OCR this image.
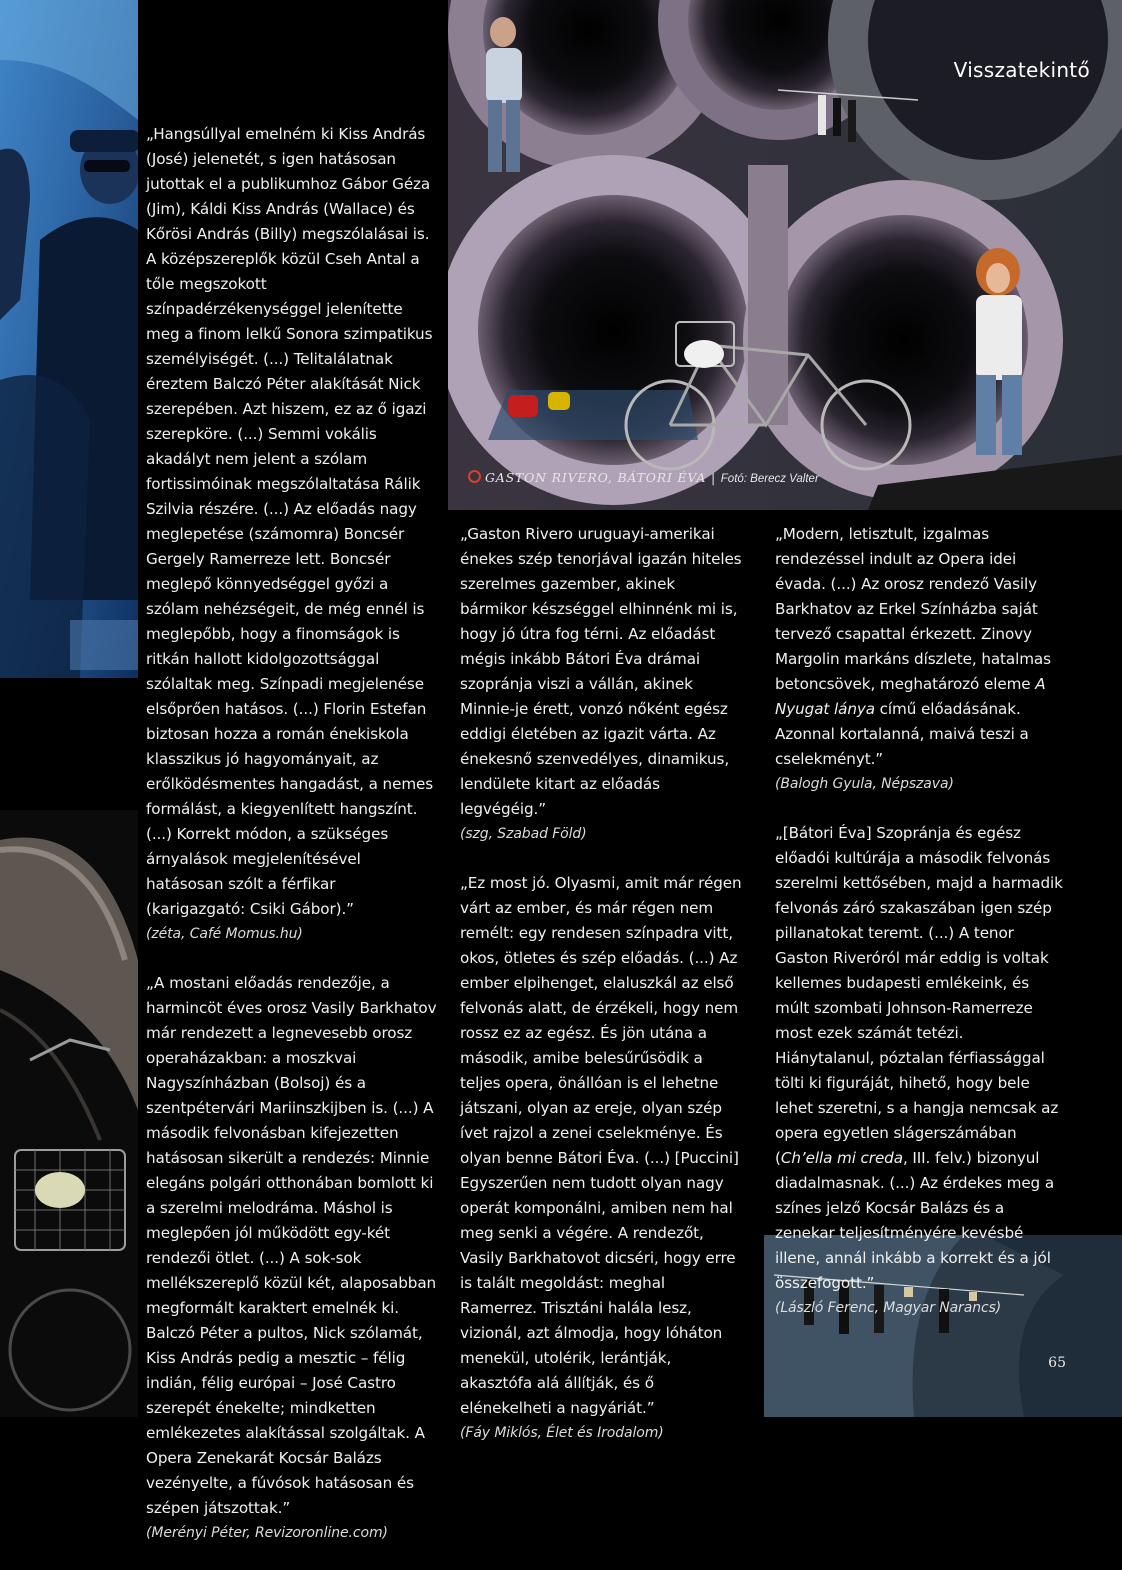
Visszatekintő
GASTON RIVERO, BÁTORI ÉVA | Fotó: Berecz Valter

„Hangsúllyal emelném ki Kiss András (José) jelenetét, s igen hatásosan jutottak el a publikumhoz Gábor Géza (Jim), Káldi Kiss András (Wallace) és Kőrösi András (Billy) megszólalásai is. A középszereplők közül Cseh Antal a tőle megszokott színpadérzékenységgel jelenítette meg a finom lelkű Sonora szimpatikus személyiségét. (...) Telitalálatnak éreztem Balczó Péter alakítását Nick szerepében. Azt hiszem, ez az ő igazi szerepköre. (...) Semmi vokális akadályt nem jelent a szólam fortissimóinak megszólaltatása Rálik Szilvia részére. (...) Az előadás nagy meglepetése (számomra) Boncsér Gergely Ramerreze lett. Boncsér meglepő könnyedséggel győzi a szólam nehézségeit, de még ennél is meglepőbb, hogy a finomságok is ritkán hallott kidolgozottsággal szólaltak meg. Színpadi megjelenése elsőprően hatásos. (...) Florin Estefan biztosan hozza a román énekiskola klasszikus jó hagyományait, az erőlködésmentes hangadást, a nemes formálást, a kiegyenlített hangszínt. (...) Korrekt módon, a szükséges árnyalások megjelenítésével hatásosan szólt a férfikar (karigazgató: Csiki Gábor).”

(zéta, Café Momus.hu)

„A mostani előadás rendezője, a harmincöt éves orosz Vasily Barkhatov már rendezett a legnevesebb orosz operaházakban: a moszkvai Nagyszínházban (Bolsoj) és a szentpétervári Mariinszkijben is. (...) A második felvonásban kifejezetten hatásosan sikerült a rendezés: Minnie elegáns polgári otthonában bomlott ki a szerelmi melodráma. Máshol is meglepően jól működött egy-két rendezői ötlet. (...) A sok-sok mellékszereplő közül két, alaposabban megformált karaktert emelnék ki. Balczó Péter a pultos, Nick szólamát, Kiss András pedig a mesztic – félig indián, félig európai – José Castro szerepét énekelte; mindketten emlékezetes alakítással szolgáltak. A Opera Zenekarát Kocsár Balázs vezényelte, a fúvósok hatásosan és szépen játszottak.”

(Merényi Péter, Revizoronline.com)

„Gaston Rivero uruguayi-amerikai énekes szép tenorjával igazán hiteles szerelmes gazember, akinek bármikor készséggel elhinnénk mi is, hogy jó útra fog térni. Az előadást mégis inkább Bátori Éva drámai szopránja viszi a vállán, akinek Minnie-je érett, vonzó nőként egész eddigi életében az igazit várta. Az énekesnő szenvedélyes, dinamikus, lendülete kitart az előadás legvégéig.”

(szg, Szabad Föld)

„Ez most jó. Olyasmi, amit már régen várt az ember, és már régen nem remélt: egy rendesen színpadra vitt, okos, ötletes és szép előadás. (...) Az ember elpihenget, elaluszkál az első felvonás alatt, de érzékeli, hogy nem rossz ez az egész. És jön utána a második, amibe belesűrűsödik a teljes opera, önállóan is el lehetne játszani, olyan az ereje, olyan szép ívet rajzol a zenei cselekménye. És olyan benne Bátori Éva. (...) [Puccini] Egyszerűen nem tudott olyan nagy operát komponálni, amiben nem hal meg senki a végére. A rendezőt, Vasily Barkhatovot dicséri, hogy erre is talált megoldást: meghal Ramerrez. Trisztáni halála lesz, vizionál, azt álmodja, hogy lóháton menekül, utolérik, lerántják, akasztófa alá állítják, és ő elénekelheti a nagyáriát.”

(Fáy Miklós, Élet és Irodalom)

„Modern, letisztult, izgalmas rendezéssel indult az Opera idei évada. (...) Az orosz rendező Vasily Barkhatov az Erkel Színházba saját tervező csapattal érkezett. Zinovy Margolin markáns díszlete, hatalmas betoncsövek, meghatározó eleme A Nyugat lánya című előadásának. Azonnal kortalanná, maivá teszi a cselekményt.”

(Balogh Gyula, Népszava)

„[Bátori Éva] Szopránja és egész előadói kultúrája a második felvonás szerelmi kettősében, majd a harmadik felvonás záró szakaszában igen szép pillanatokat teremt. (...) A tenor Gaston Riveróról már eddig is voltak kellemes budapesti emlékeink, és múlt szombati Johnson-Ramerreze most ezek számát tetézi. Hiánytalanul, póztalan férfiassággal tölti ki figuráját, hihető, hogy bele lehet szeretni, s a hangja nemcsak az opera egyetlen slágerszámában (Ch’ella mi creda, III. felv.) bizonyul diadalmasnak. (...) Az érdekes meg a színes jelző Kocsár Balázs és a zenekar teljesítményére kevésbé illene, annál inkább a korrekt és a jól összefogott.”

(László Ferenc, Magyar Narancs)

65
